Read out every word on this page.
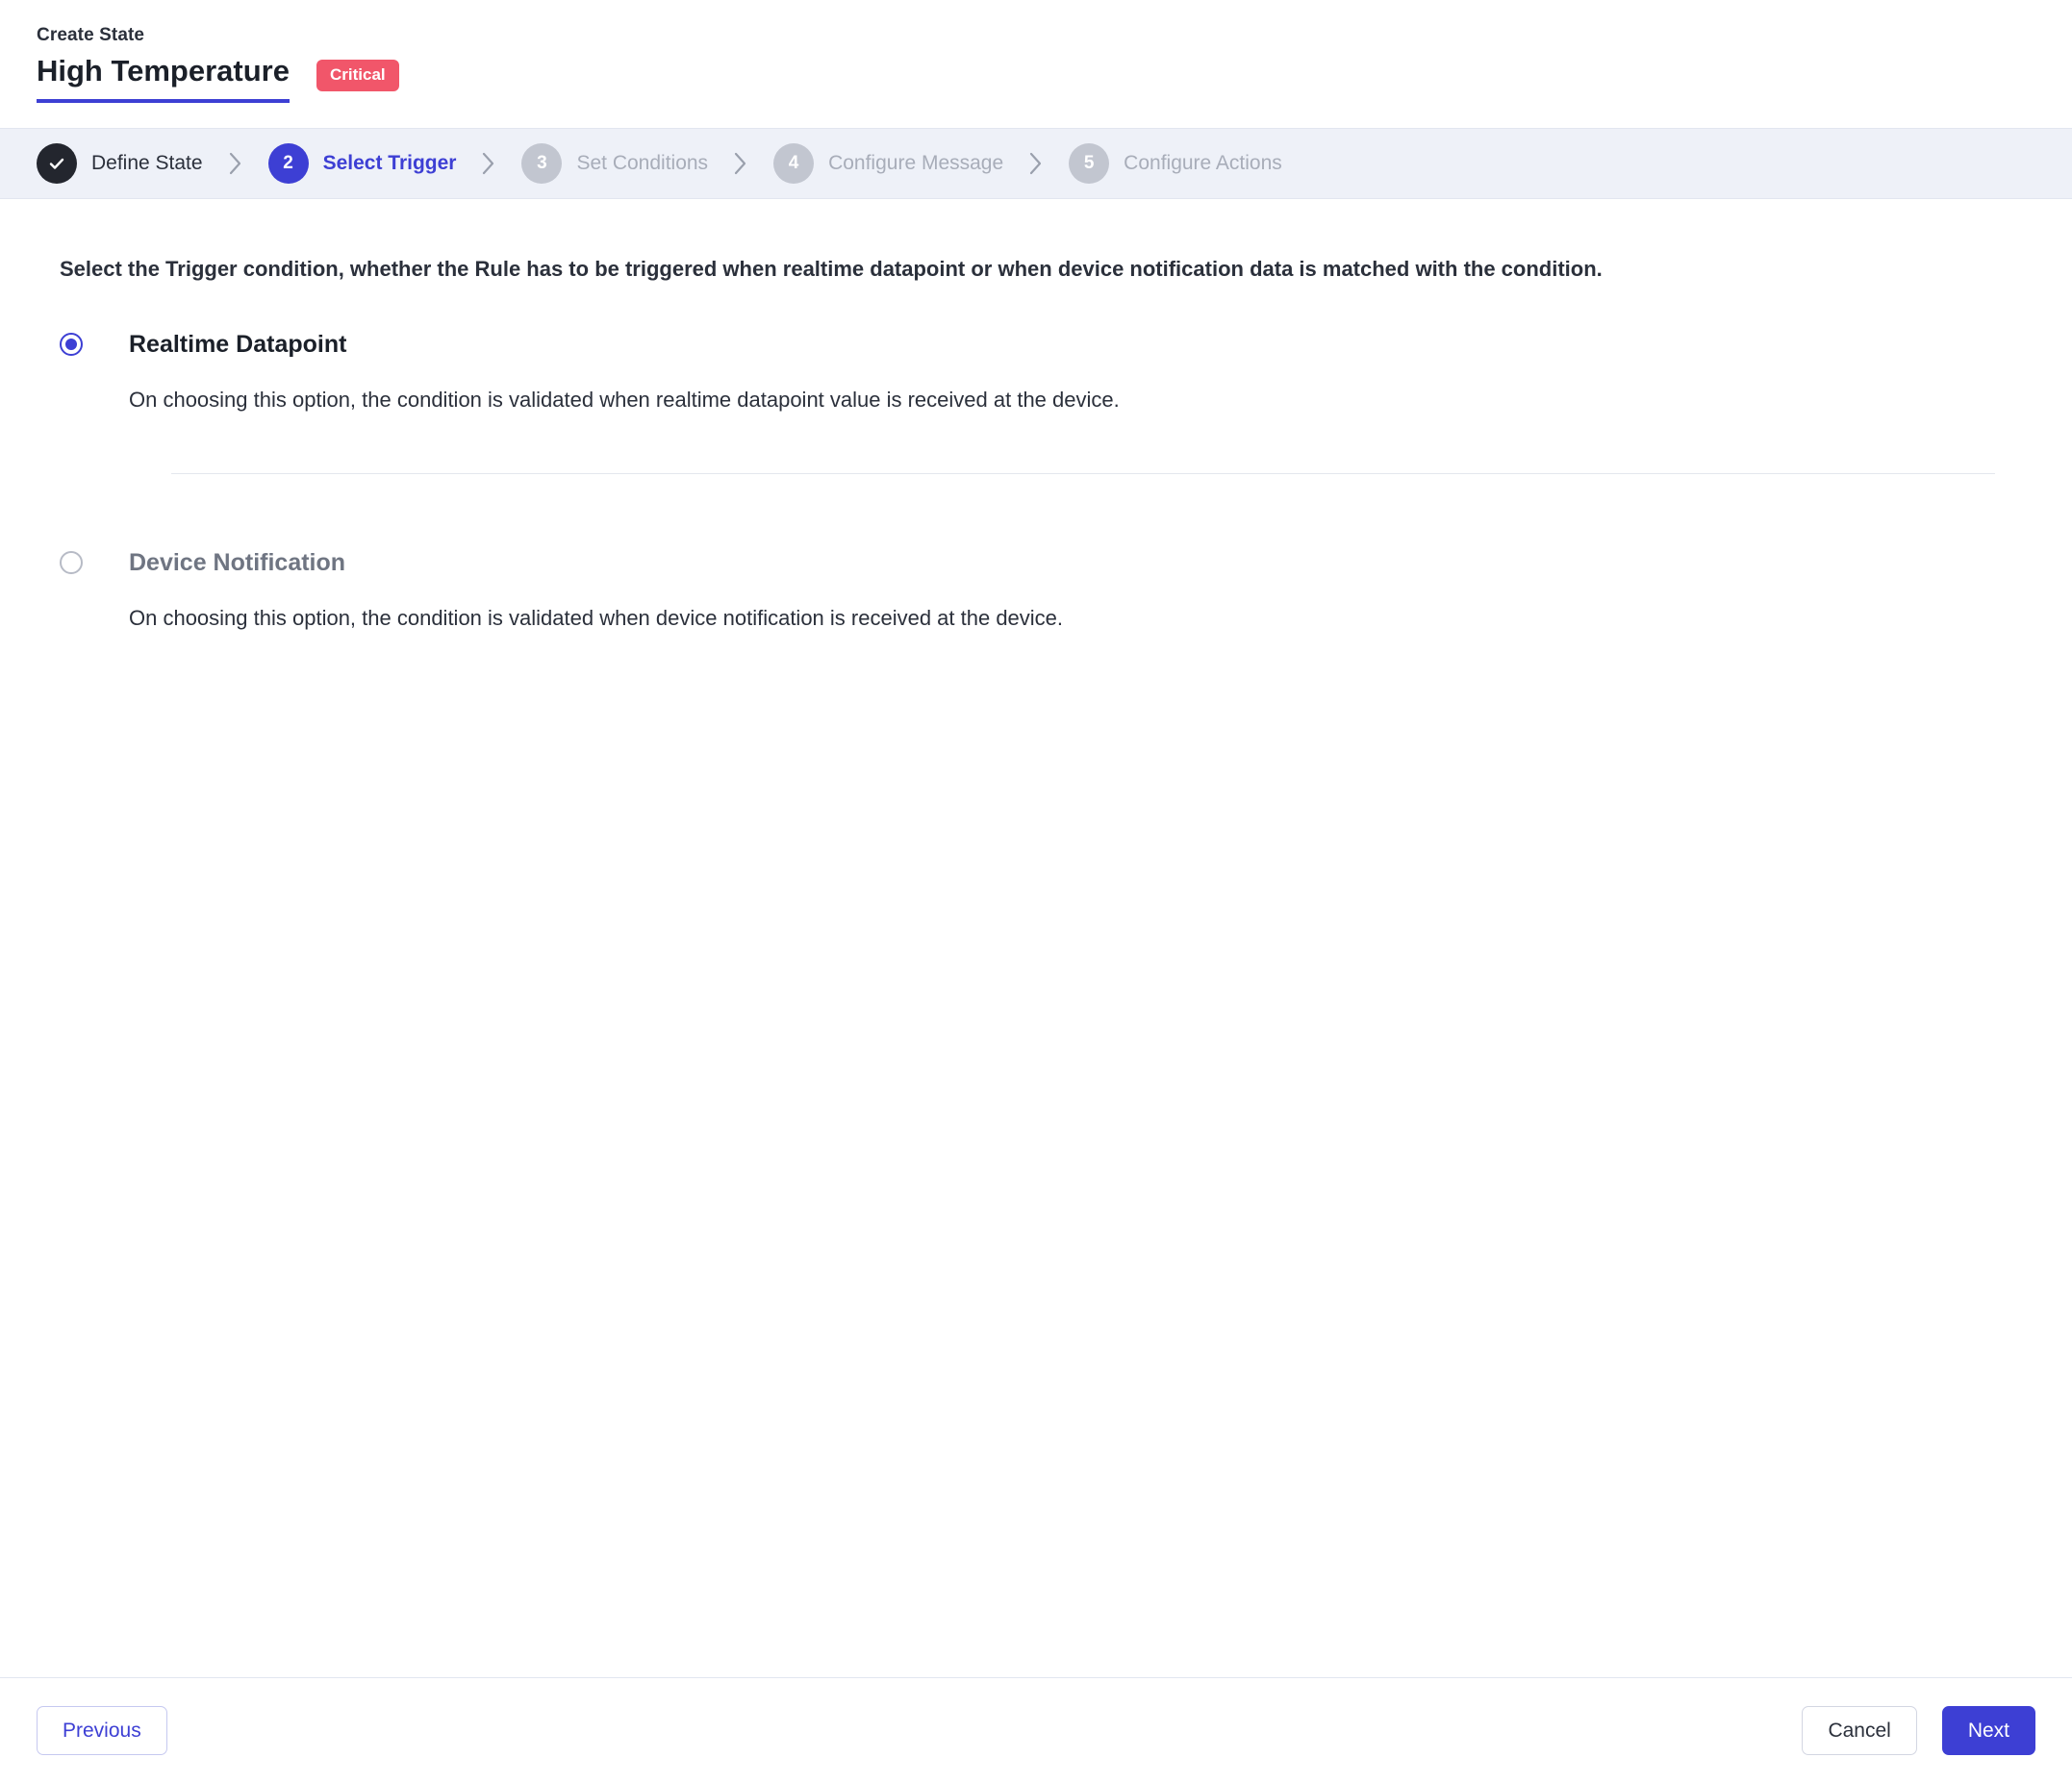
Create State
High Temperature	Critical
Define State	2	Select Trigger	3	Set Conditions	4	Configure Message	5	Configure Actions

Select the Trigger condition, whether the Rule has to be triggered when realtime datapoint or when device notification data is matched with the condition.

Realtime Datapoint
On choosing this option, the condition is validated when realtime datapoint value is received at the device.
Device Notification
On choosing this option, the condition is validated when device notification is received at the device.
Previous	Cancel	Next
